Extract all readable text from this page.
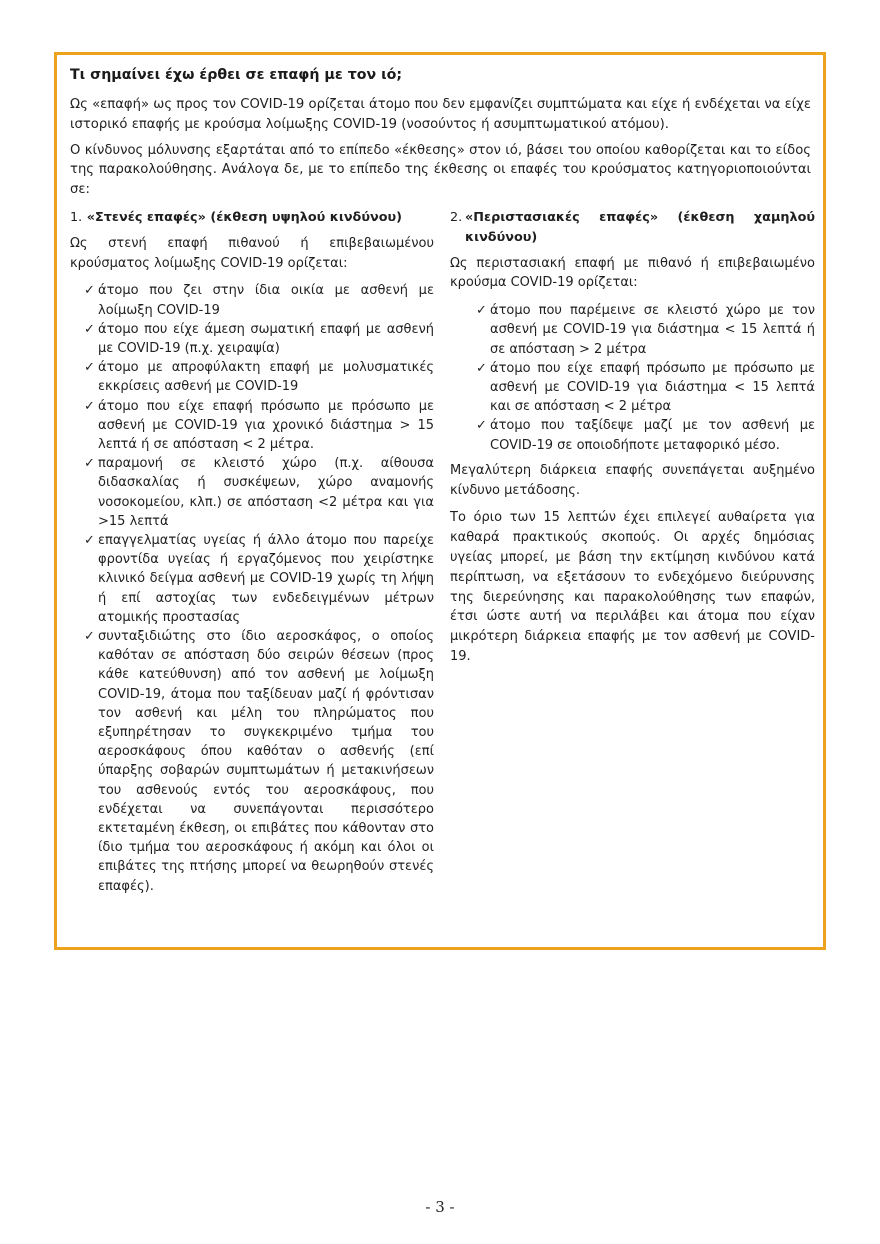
Τι σημαίνει έχω έρθει σε επαφή με τον ιό;

Ως «επαφή» ως προς τον COVID-19 ορίζεται άτομο που δεν εμφανίζει συμπτώματα και είχε ή ενδέχεται να είχε ιστορικό επαφής με κρούσμα λοίμωξης COVID-19 (νοσούντος ή ασυμπτωματικού ατόμου).

Ο κίνδυνος μόλυνσης εξαρτάται από το επίπεδο «έκθεσης» στον ιό, βάσει του οποίου καθορίζεται και το είδος της παρακολούθησης. Ανάλογα δε, με το επίπεδο της έκθεσης οι επαφές του κρούσματος κατηγοριοποιούνται σε:

1. «Στενές επαφές» (έκθεση υψηλού κινδύνου)

Ως στενή επαφή πιθανού ή επιβεβαιωμένου κρούσματος λοίμωξης COVID-19 ορίζεται:

✓ άτομο που ζει στην ίδια οικία με ασθενή με λοίμωξη COVID-19
✓ άτομο που είχε άμεση σωματική επαφή με ασθενή με COVID-19 (π.χ. χειραψία)
✓ άτομο με απροφύλακτη επαφή με μολυσματικές εκκρίσεις ασθενή με COVID-19
✓ άτομο που είχε επαφή πρόσωπο με πρόσωπο με ασθενή με COVID-19 για χρονικό διάστημα > 15 λεπτά ή σε απόσταση < 2 μέτρα.
✓ παραμονή σε κλειστό χώρο (π.χ. αίθουσα διδασκαλίας ή συσκέψεων, χώρο αναμονής νοσοκομείου, κλπ.) σε απόσταση <2 μέτρα και για >15 λεπτά
✓ επαγγελματίας υγείας ή άλλο άτομο που παρείχε φροντίδα υγείας ή εργαζόμενος που χειρίστηκε κλινικό δείγμα ασθενή με COVID-19 χωρίς τη λήψη ή επί αστοχίας των ενδεδειγμένων μέτρων ατομικής προστασίας
✓ συνταξιδιώτης στο ίδιο αεροσκάφος, ο οποίος καθόταν σε απόσταση δύο σειρών θέσεων (προς κάθε κατεύθυνση) από τον ασθενή με λοίμωξη COVID-19, άτομα που ταξίδευαν μαζί ή φρόντισαν τον ασθενή και μέλη του πληρώματος που εξυπηρέτησαν το συγκεκριμένο τμήμα του αεροσκάφους όπου καθόταν ο ασθενής (επί ύπαρξης σοβαρών συμπτωμάτων ή μετακινήσεων του ασθενούς εντός του αεροσκάφους, που ενδέχεται να συνεπάγονται περισσότερο εκτεταμένη έκθεση, οι επιβάτες που κάθονταν στο ίδιο τμήμα του αεροσκάφους ή ακόμη και όλοι οι επιβάτες της πτήσης μπορεί να θεωρηθούν στενές επαφές).
2. «Περιστασιακές επαφές» (έκθεση χαμηλού κινδύνου)

Ως περιστασιακή επαφή με πιθανό ή επιβεβαιωμένο κρούσμα COVID-19 ορίζεται:

✓ άτομο που παρέμεινε σε κλειστό χώρο με τον ασθενή με COVID-19 για διάστημα < 15 λεπτά ή σε απόσταση > 2 μέτρα
✓ άτομο που είχε επαφή πρόσωπο με πρόσωπο με ασθενή με COVID-19 για διάστημα < 15 λεπτά και σε απόσταση < 2 μέτρα
✓ άτομο που ταξίδεψε μαζί με τον ασθενή με COVID-19 σε οποιοδήποτε μεταφορικό μέσο.

Μεγαλύτερη διάρκεια επαφής συνεπάγεται αυξημένο κίνδυνο μετάδοσης.

Το όριο των 15 λεπτών έχει επιλεγεί αυθαίρετα για καθαρά πρακτικούς σκοπούς. Οι αρχές δημόσιας υγείας μπορεί, με βάση την εκτίμηση κινδύνου κατά περίπτωση, να εξετάσουν το ενδεχόμενο διεύρυνσης της διερεύνησης και παρακολούθησης των επαφών, έτσι ώστε αυτή να περιλάβει και άτομα που είχαν μικρότερη διάρκεια επαφής με τον ασθενή με COVID-19.

- 3 -
